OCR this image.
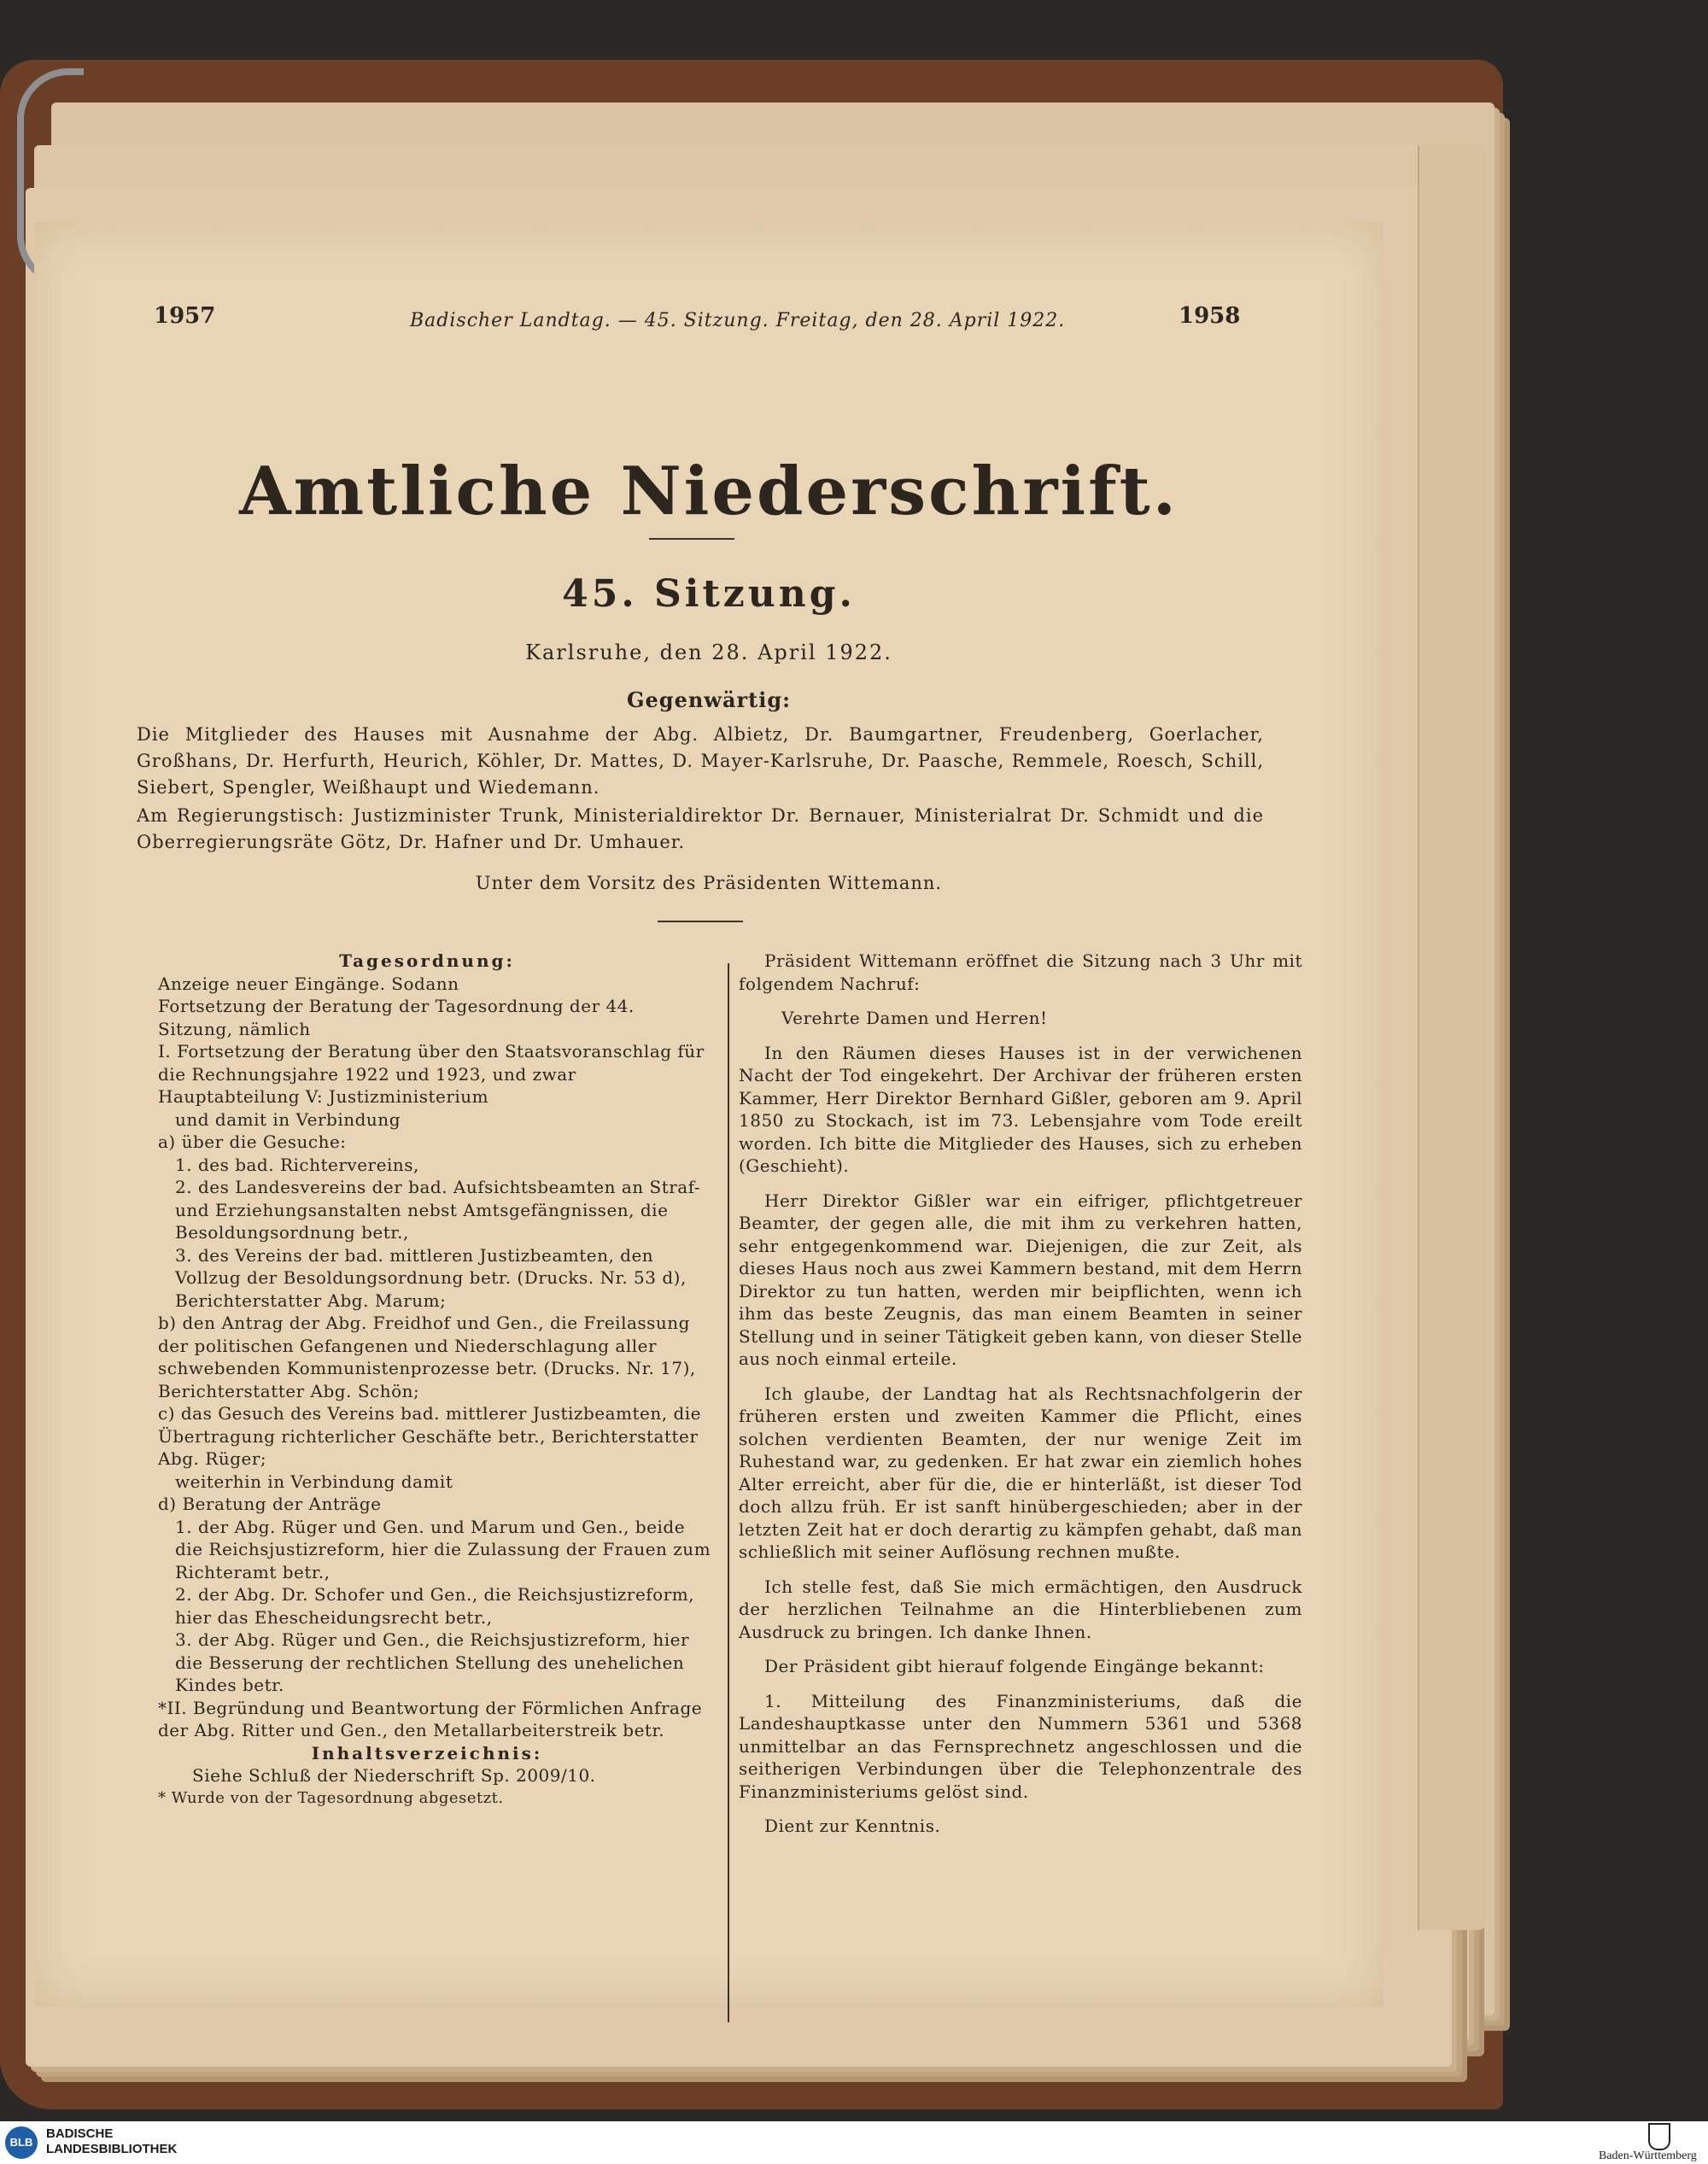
1957	Badischer Landtag. — 45. Sitzung. Freitag, den 28. April 1922.	1958
Amtliche Niederschrift.
45. Sitzung.
Karlsruhe, den 28. April 1922.
Gegenwärtig:
Die Mitglieder des Hauses mit Ausnahme der Abg. Albietz, Dr. Baumgartner, Freudenberg, Goerlacher, Großhans, Dr. Herfurth, Heurich, Köhler, Dr. Mattes, D. Mayer-Karlsruhe, Dr. Paasche, Remmele, Roesch, Schill, Siebert, Spengler, Weißhaupt und Wiedemann.
Am Regierungstisch: Justizminister Trunk, Ministerialdirektor Dr. Bernauer, Ministerialrat Dr. Schmidt und die Oberregierungsräte Götz, Dr. Hafner und Dr. Umhauer.
Unter dem Vorsitz des Präsidenten Wittemann.

Tagesordnung:

Anzeige neuer Eingänge. Sodann

Fortsetzung der Beratung der Tagesordnung der 44. Sitzung, nämlich

I. Fortsetzung der Beratung über den Staatsvoranschlag für die Rechnungsjahre 1922 und 1923, und zwar Hauptabteilung V: Justizministerium

und damit in Verbindung

a) über die Gesuche:

1. des bad. Richtervereins,

2. des Landesvereins der bad. Aufsichtsbeamten an Straf- und Erziehungsanstalten nebst Amtsgefängnissen, die Besoldungsordnung betr.,

3. des Vereins der bad. mittleren Justizbeamten, den Vollzug der Besoldungsordnung betr. (Drucks. Nr. 53 d), Berichterstatter Abg. Marum;

b) den Antrag der Abg. Freidhof und Gen., die Freilassung der politischen Gefangenen und Niederschlagung aller schwebenden Kommunistenprozesse betr. (Drucks. Nr. 17), Berichterstatter Abg. Schön;

c) das Gesuch des Vereins bad. mittlerer Justizbeamten, die Übertragung richterlicher Geschäfte betr., Berichterstatter Abg. Rüger;

weiterhin in Verbindung damit

d) Beratung der Anträge

1. der Abg. Rüger und Gen. und Marum und Gen., beide die Reichsjustizreform, hier die Zulassung der Frauen zum Richteramt betr.,

2. der Abg. Dr. Schofer und Gen., die Reichsjustizreform, hier das Ehescheidungsrecht betr.,

3. der Abg. Rüger und Gen., die Reichsjustizreform, hier die Besserung der rechtlichen Stellung des unehelichen Kindes betr.

*II. Begründung und Beantwortung der Förmlichen Anfrage der Abg. Ritter und Gen., den Metallarbeiterstreik betr.

Inhaltsverzeichnis:

Siehe Schluß der Niederschrift Sp. 2009/10.

* Wurde von der Tagesordnung abgesetzt.

Präsident Wittemann eröffnet die Sitzung nach 3 Uhr mit folgendem Nachruf:

Verehrte Damen und Herren!

In den Räumen dieses Hauses ist in der verwichenen Nacht der Tod eingekehrt. Der Archivar der früheren ersten Kammer, Herr Direktor Bernhard Gißler, geboren am 9. April 1850 zu Stockach, ist im 73. Lebensjahre vom Tode ereilt worden. Ich bitte die Mitglieder des Hauses, sich zu erheben (Geschieht).

Herr Direktor Gißler war ein eifriger, pflichtgetreuer Beamter, der gegen alle, die mit ihm zu verkehren hatten, sehr entgegenkommend war. Diejenigen, die zur Zeit, als dieses Haus noch aus zwei Kammern bestand, mit dem Herrn Direktor zu tun hatten, werden mir beipflichten, wenn ich ihm das beste Zeugnis, das man einem Beamten in seiner Stellung und in seiner Tätigkeit geben kann, von dieser Stelle aus noch einmal erteile.

Ich glaube, der Landtag hat als Rechtsnachfolgerin der früheren ersten und zweiten Kammer die Pflicht, eines solchen verdienten Beamten, der nur wenige Zeit im Ruhestand war, zu gedenken. Er hat zwar ein ziemlich hohes Alter erreicht, aber für die, die er hinterläßt, ist dieser Tod doch allzu früh. Er ist sanft hinübergeschieden; aber in der letzten Zeit hat er doch derartig zu kämpfen gehabt, daß man schließlich mit seiner Auflösung rechnen mußte.

Ich stelle fest, daß Sie mich ermächtigen, den Ausdruck der herzlichen Teilnahme an die Hinterbliebenen zum Ausdruck zu bringen. Ich danke Ihnen.

Der Präsident gibt hierauf folgende Eingänge bekannt:

1. Mitteilung des Finanzministeriums, daß die Landeshauptkasse unter den Nummern 5361 und 5368 unmittelbar an das Fernsprechnetz angeschlossen und die seitherigen Verbindungen über die Telephonzentrale des Finanzministeriums gelöst sind.

Dient zur Kenntnis.

BLB
BADISCHE
LANDESBIBLIOTHEK	Baden-Württemberg
